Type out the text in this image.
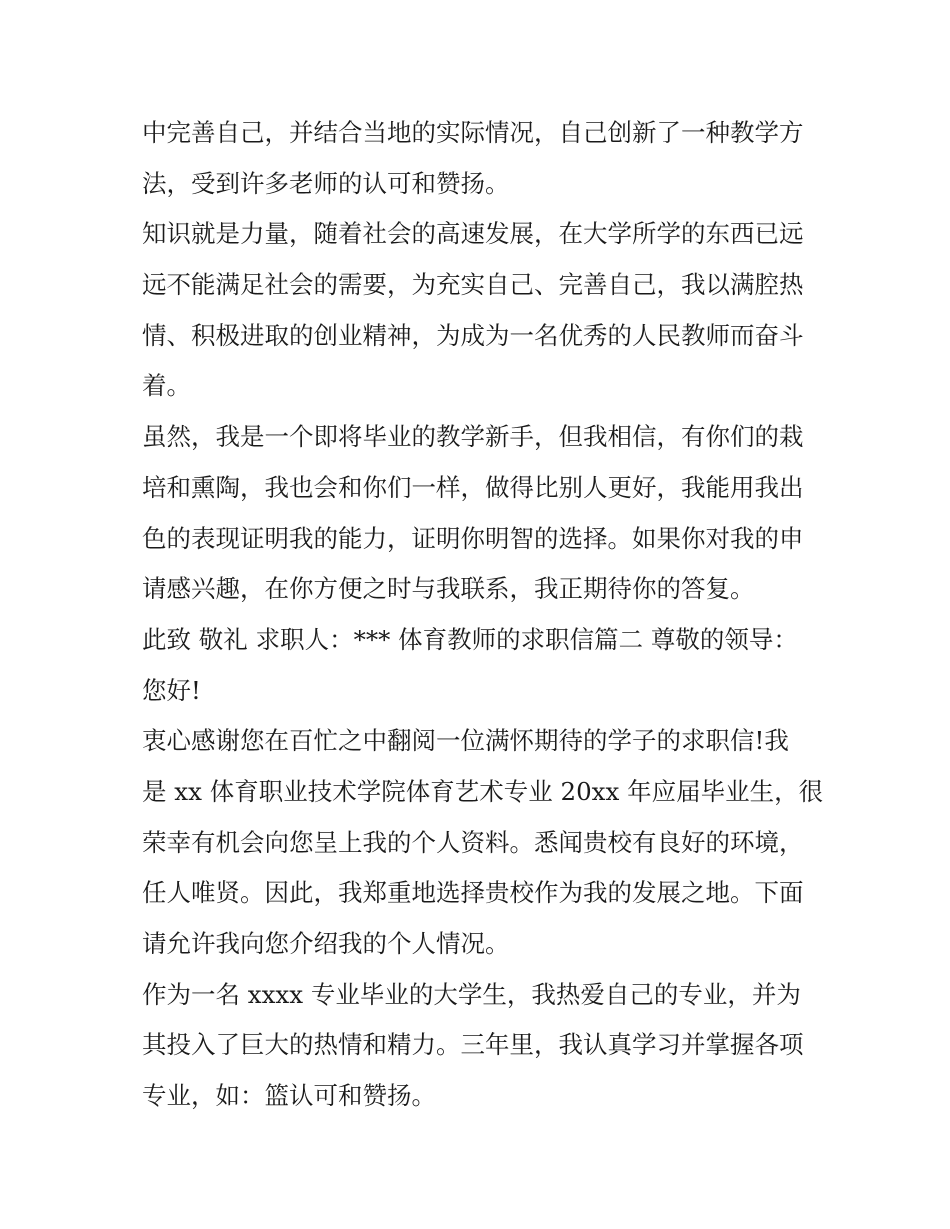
中完善自己，并结合当地的实际情况，自己创新了一种教学方
法，受到许多老师的认可和赞扬。
知识就是力量，随着社会的高速发展，在大学所学的东西已远
远不能满足社会的需要，为充实自己、完善自己，我以满腔热
情、积极进取的创业精神，为成为一名优秀的人民教师而奋斗
着。
虽然，我是一个即将毕业的教学新手，但我相信，有你们的栽
培和熏陶，我也会和你们一样，做得比别人更好，我能用我出
色的表现证明我的能力，证明你明智的选择。如果你对我的申
请感兴趣，在你方便之时与我联系，我正期待你的答复。
此致 敬礼 求职人：*** 体育教师的求职信篇二 尊敬的领导：
您好!
衷心感谢您在百忙之中翻阅一位满怀期待的学子的求职信!我
是 xx 体育职业技术学院体育艺术专业 20xx 年应届毕业生，很
荣幸有机会向您呈上我的个人资料。悉闻贵校有良好的环境，
任人唯贤。因此，我郑重地选择贵校作为我的发展之地。下面
请允许我向您介绍我的个人情况。
作为一名 xxxx 专业毕业的大学生，我热爱自己的专业，并为
其投入了巨大的热情和精力。三年里，我认真学习并掌握各项
专业，如：篮认可和赞扬。
